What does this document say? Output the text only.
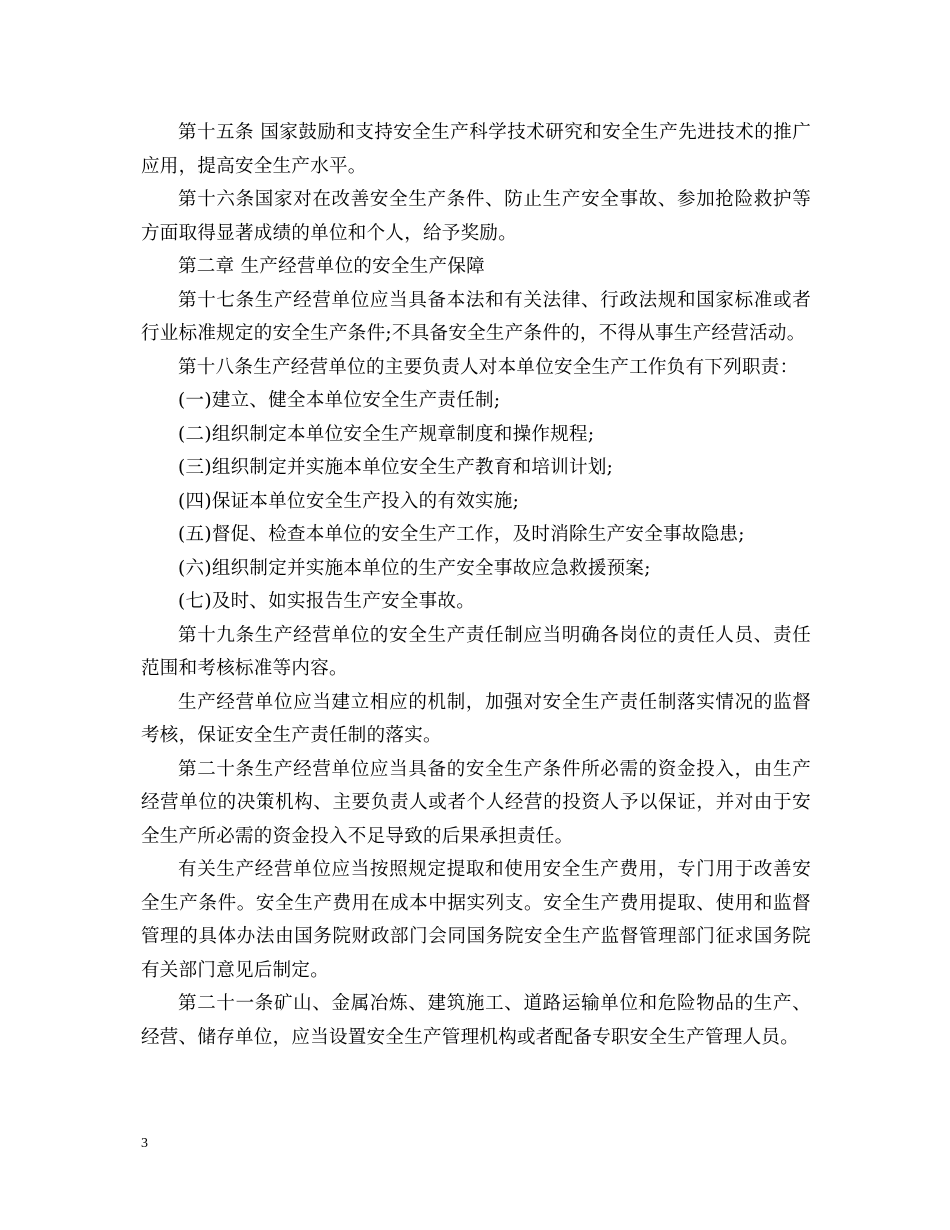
第十五条 国家鼓励和支持安全生产科学技术研究和安全生产先进技术的推广应用，提高安全生产水平。

第十六条国家对在改善安全生产条件、防止生产安全事故、参加抢险救护等方面取得显著成绩的单位和个人，给予奖励。

第二章 生产经营单位的安全生产保障

第十七条生产经营单位应当具备本法和有关法律、行政法规和国家标准或者行业标准规定的安全生产条件;不具备安全生产条件的，不得从事生产经营活动。

第十八条生产经营单位的主要负责人对本单位安全生产工作负有下列职责：

(一)建立、健全本单位安全生产责任制;

(二)组织制定本单位安全生产规章制度和操作规程;

(三)组织制定并实施本单位安全生产教育和培训计划;

(四)保证本单位安全生产投入的有效实施;

(五)督促、检查本单位的安全生产工作，及时消除生产安全事故隐患;

(六)组织制定并实施本单位的生产安全事故应急救援预案;

(七)及时、如实报告生产安全事故。

第十九条生产经营单位的安全生产责任制应当明确各岗位的责任人员、责任范围和考核标准等内容。

生产经营单位应当建立相应的机制，加强对安全生产责任制落实情况的监督考核，保证安全生产责任制的落实。

第二十条生产经营单位应当具备的安全生产条件所必需的资金投入，由生产经营单位的决策机构、主要负责人或者个人经营的投资人予以保证，并对由于安全生产所必需的资金投入不足导致的后果承担责任。

有关生产经营单位应当按照规定提取和使用安全生产费用，专门用于改善安全生产条件。安全生产费用在成本中据实列支。安全生产费用提取、使用和监督管理的具体办法由国务院财政部门会同国务院安全生产监督管理部门征求国务院有关部门意见后制定。

第二十一条矿山、金属冶炼、建筑施工、道路运输单位和危险物品的生产、经营、储存单位，应当设置安全生产管理机构或者配备专职安全生产管理人员。

3
